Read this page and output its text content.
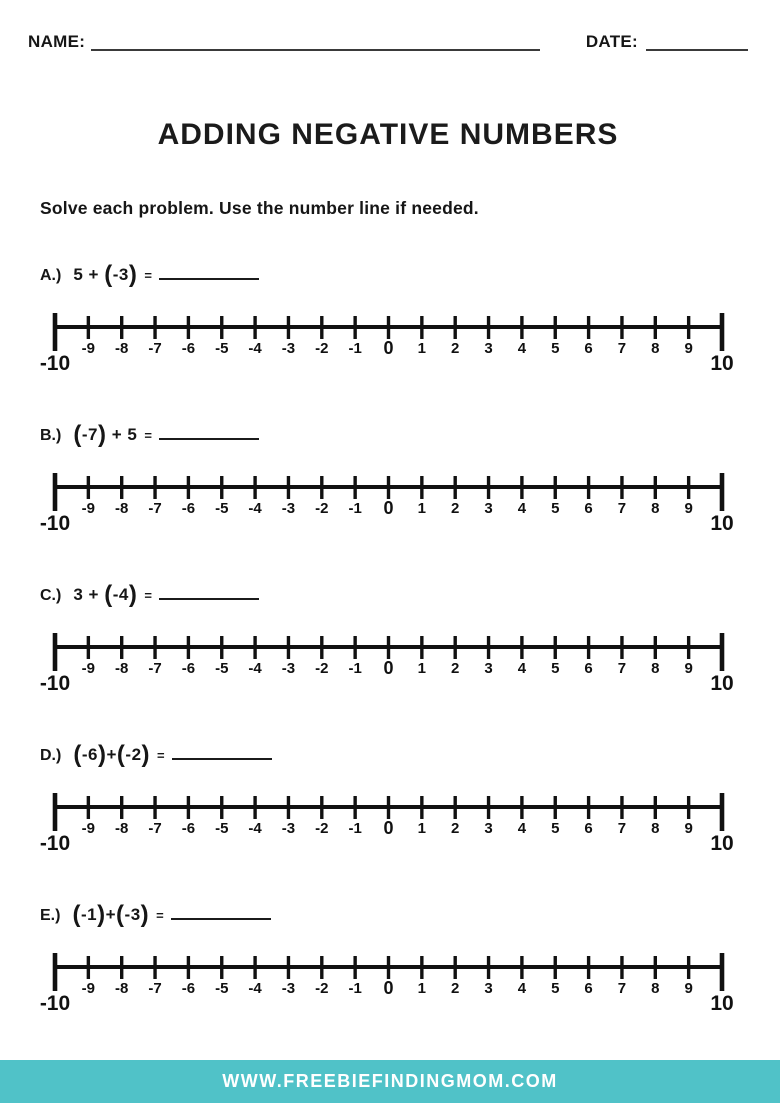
NAME:	DATE:
ADDING NEGATIVE NUMBERS

Solve each problem. Use the number line if needed.

A.) 5 + (-3) =
-10
-9 -8 -7 -6 -5 -4 -3 -2 -1 0 1 2 3 4 5 6 7 8 9
10
B.) (-7) + 5 =
-10
-9 -8 -7 -6 -5 -4 -3 -2 -1 0 1 2 3 4 5 6 7 8 9
10
C.) 3 + (-4) =
-10
-9 -8 -7 -6 -5 -4 -3 -2 -1 0 1 2 3 4 5 6 7 8 9
10
D.) (-6)+(-2) =
-10
-9 -8 -7 -6 -5 -4 -3 -2 -1 0 1 2 3 4 5 6 7 8 9
10
E.) (-1)+(-3) =
-10
-9 -8 -7 -6 -5 -4 -3 -2 -1 0 1 2 3 4 5 6 7 8 9
10
WWW.FREEBIEFINDINGMOM.COM
